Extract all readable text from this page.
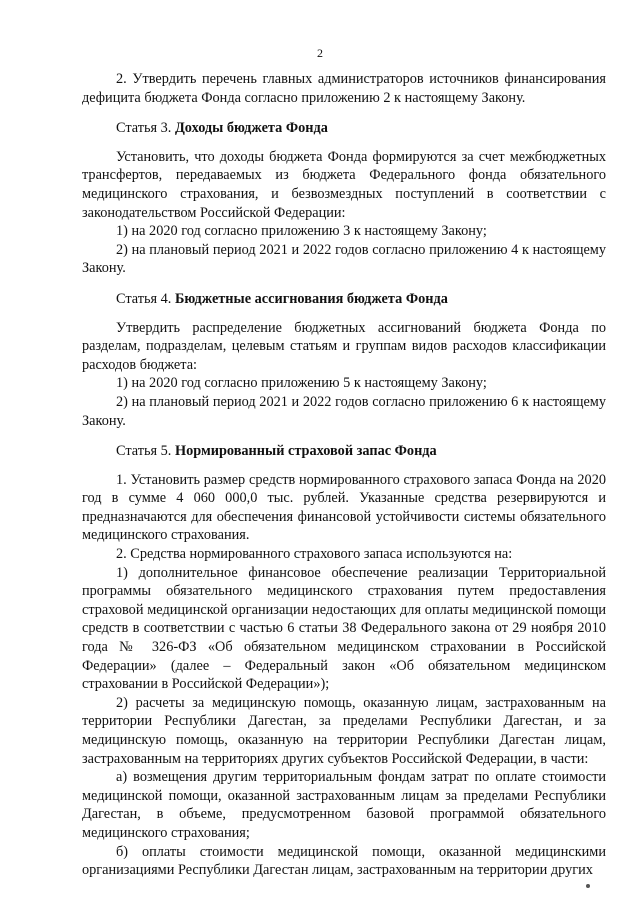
2

2. Утвердить перечень главных администраторов источников финансирования дефицита бюджета Фонда согласно приложению 2 к настоящему Закону.

Статья 3. Доходы бюджета Фонда

Установить, что доходы бюджета Фонда формируются за счет межбюджетных трансфертов, передаваемых из бюджета Федерального фонда обязательного медицинского страхования, и безвозмездных поступлений в соответствии с законодательством Российской Федерации:

1) на 2020 год согласно приложению 3 к настоящему Закону;

2) на плановый период 2021 и 2022 годов согласно приложению 4 к настоящему Закону.

Статья 4. Бюджетные ассигнования бюджета Фонда

Утвердить распределение бюджетных ассигнований бюджета Фонда по разделам, подразделам, целевым статьям и группам видов расходов классификации расходов бюджета:

1) на 2020 год согласно приложению 5 к настоящему Закону;

2) на плановый период 2021 и 2022 годов согласно приложению 6 к настоящему Закону.

Статья 5. Нормированный страховой запас Фонда

1. Установить размер средств нормированного страхового запаса Фонда на 2020 год в сумме 4 060 000,0 тыс. рублей. Указанные средства резервируются и предназначаются для обеспечения финансовой устойчивости системы обязательного медицинского страхования.

2. Средства нормированного страхового запаса используются на:

1) дополнительное финансовое обеспечение реализации Территориальной программы обязательного медицинского страхования путем предоставления страховой медицинской организации недостающих для оплаты медицинской помощи средств в соответствии с частью 6 статьи 38 Федерального закона от 29 ноября 2010 года № 326-ФЗ «Об обязательном медицинском страховании в Российской Федерации» (далее – Федеральный закон «Об обязательном медицинском страховании в Российской Федерации»);

2) расчеты за медицинскую помощь, оказанную лицам, застрахованным на территории Республики Дагестан, за пределами Республики Дагестан, и за медицинскую помощь, оказанную на территории Республики Дагестан лицам, застрахованным на территориях других субъектов Российской Федерации, в части:

а) возмещения другим территориальным фондам затрат по оплате стоимости медицинской помощи, оказанной застрахованным лицам за пределами Республики Дагестан, в объеме, предусмотренном базовой программой обязательного медицинского страхования;

б) оплаты стоимости медицинской помощи, оказанной медицинскими организациями Республики Дагестан лицам, застрахованным на территории других
